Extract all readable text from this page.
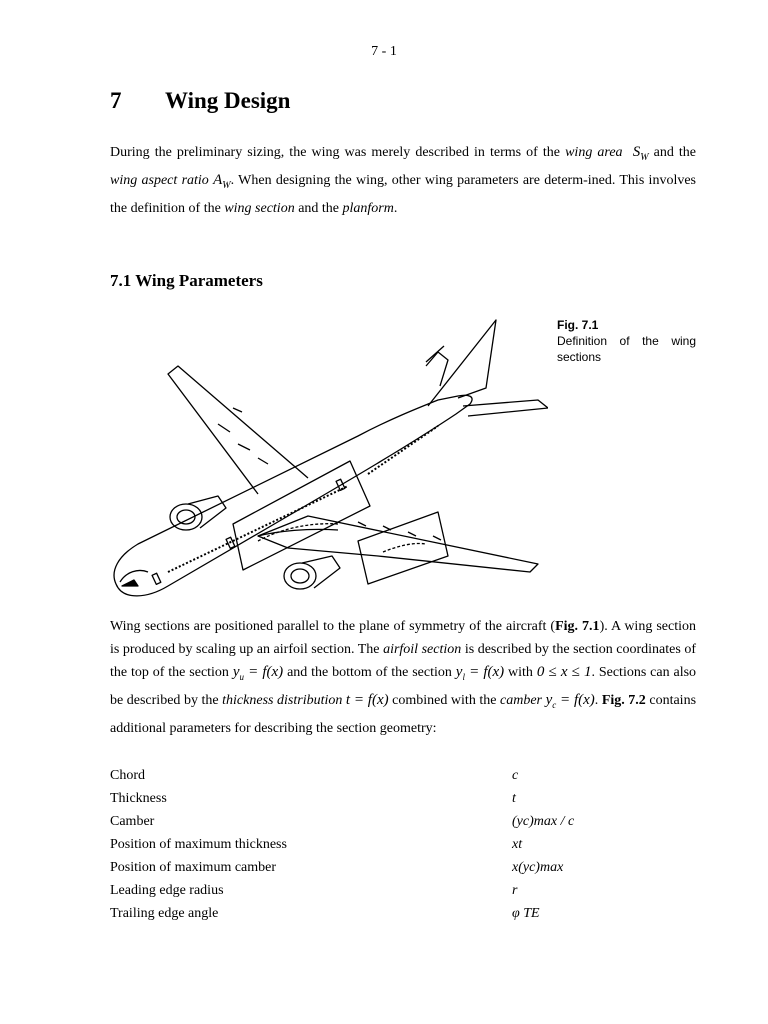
7 - 1
7 Wing Design
During the preliminary sizing, the wing was merely described in terms of the wing area $S_W$ and the wing aspect ratio $A_W$. When designing the wing, other wing parameters are determ-ined. This involves the definition of the wing section and the planform.
7.1 Wing Parameters
Fig. 7.1
Definition of the wing sections
Wing sections are positioned parallel to the plane of symmetry of the aircraft (Fig. 7.1). A wing section is produced by scaling up an airfoil section. The airfoil section is described by the section coordinates of the top of the section $y_u = f(x)$ and the bottom of the section $y_l = f(x)$ with 0 ≤ x ≤ 1. Sections can also be described by the thickness distribution t = f(x) combined with the camber $y_c = f(x)$. Fig. 7.2 contains additional parameters for describing the section geometry:
Chord	c
Thickness	t
Camber	(yc)max / c
Position of maximum thickness	xt
Position of maximum camber	x(yc)max
Leading edge radius	r
Trailing edge angle	φ TE
